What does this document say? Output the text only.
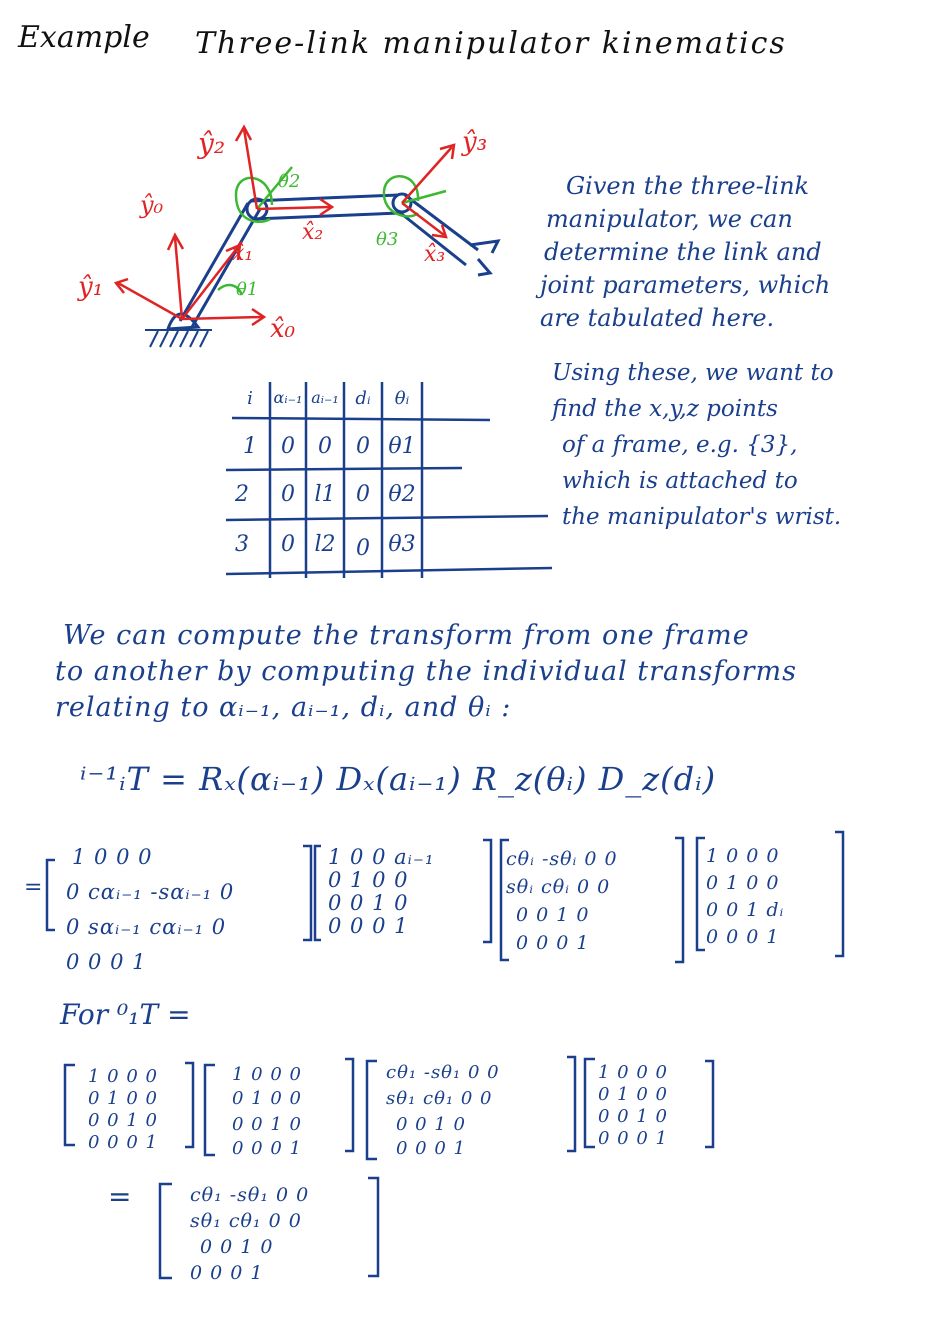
Example Three-link manipulator kinematics
ŷ₂
ŷ₀
ŷ₁
ŷ₃
x̂₁
x̂₀
x̂₂
x̂₃
θ1
θ2
θ3
Given the three-link
manipulator, we can
determine the link and
joint parameters, which
are tabulated here.
Using these, we want to
find the x,y,z points
of a frame, e.g. {3},
which is attached to
the manipulator's wrist.
i	αᵢ₋₁ aᵢ₋₁ dᵢ	θᵢ
1	0	0	0 θ1
2	0 l1 0 θ2
3	0 l2 0 θ3
We can compute the transform from one frame
to another by computing the individual transforms
relating to αᵢ₋₁, aᵢ₋₁, dᵢ, and θᵢ :
ⁱ⁻¹ᵢT = Rₓ(αᵢ₋₁) Dₓ(aᵢ₋₁) R_z(θᵢ) D_z(dᵢ)
=
1 0 0 0
0 cαᵢ₋₁ -sαᵢ₋₁ 0
0 sαᵢ₋₁ cαᵢ₋₁ 0
0 0 0 1
1 0 0 aᵢ₋₁
0 1 0 0
0 0 1 0
0 0 0 1
cθᵢ -sθᵢ 0 0
sθᵢ cθᵢ 0 0
0 0 1 0
0 0 0 1
1 0 0 0
0 1 0 0
0 0 1 dᵢ
0 0 0 1
For ⁰₁T =
1 0 0 0
0 1 0 0
0 0 1 0
0 0 0 1
1 0 0 0
0 1 0 0
0 0 1 0
0 0 0 1
cθ₁ -sθ₁ 0 0
sθ₁ cθ₁ 0 0
0 0 1 0
0 0 0 1
1 0 0 0
0 1 0 0
0 0 1 0
0 0 0 1
=	cθ₁ -sθ₁ 0 0
sθ₁ cθ₁ 0 0
0 0 1 0
0 0 0 1
